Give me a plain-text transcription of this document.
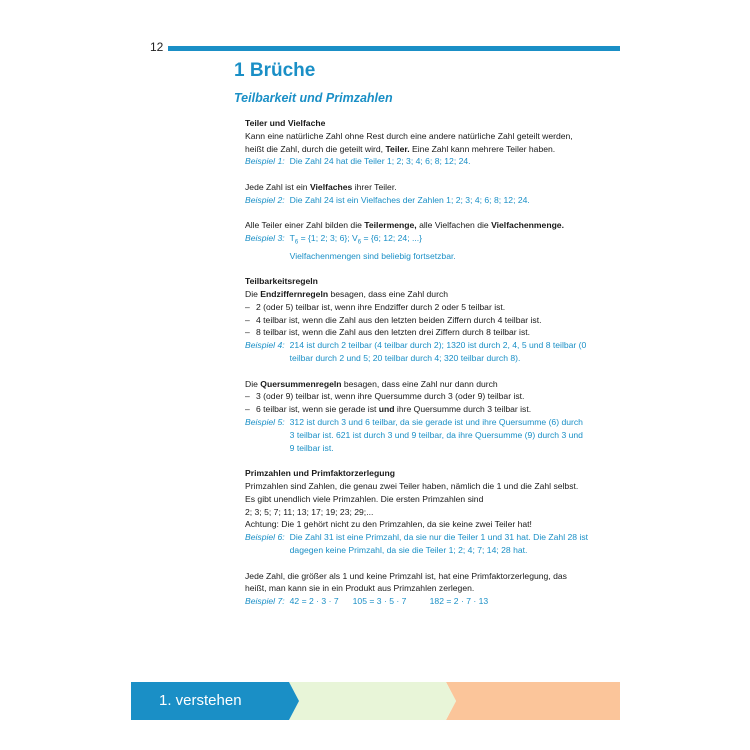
12
1 Brüche
Teilbarkeit und Primzahlen
Teiler und Vielfache
Kann eine natürliche Zahl ohne Rest durch eine andere natürliche Zahl geteilt werden, heißt die Zahl, durch die geteilt wird, Teiler. Eine Zahl kann mehrere Teiler haben.
Beispiel 1: Die Zahl 24 hat die Teiler 1; 2; 3; 4; 6; 8; 12; 24.
Jede Zahl ist ein Vielfaches ihrer Teiler.
Beispiel 2: Die Zahl 24 ist ein Vielfaches der Zahlen 1; 2; 3; 4; 6; 8; 12; 24.
Alle Teiler einer Zahl bilden die Teilermenge, alle Vielfachen die Vielfachenmenge.
Beispiel 3: $T_6 = \{1$; 2; 3; 6}; $V_6 = \{6$; 12; 24; ...}
Vielfachenmengen sind beliebig fortsetzbar.
Teilbarkeitsregeln
Die Endziffernregeln besagen, dass eine Zahl durch
– 2 (oder 5) teilbar ist, wenn ihre Endziffer durch 2 oder 5 teilbar ist.
– 4 teilbar ist, wenn die Zahl aus den letzten beiden Ziffern durch 4 teilbar ist.
– 8 teilbar ist, wenn die Zahl aus den letzten drei Ziffern durch 8 teilbar ist.
Beispiel 4: 214 ist durch 2 teilbar (4 teilbar durch 2); 1320 ist durch 2, 4, 5 und 8 teilbar (0 teilbar durch 2 und 5; 20 teilbar durch 4; 320 teilbar durch 8).
Die Quersummenregeln besagen, dass eine Zahl nur dann durch
– 3 (oder 9) teilbar ist, wenn ihre Quersumme durch 3 (oder 9) teilbar ist.
– 6 teilbar ist, wenn sie gerade ist und ihre Quersumme durch 3 teilbar ist.
Beispiel 5: 312 ist durch 3 und 6 teilbar, da sie gerade ist und ihre Quersumme (6) durch 3 teilbar ist. 621 ist durch 3 und 9 teilbar, da ihre Quersumme (9) durch 3 und 9 teilbar ist.
Primzahlen und Primfaktorzerlegung
Primzahlen sind Zahlen, die genau zwei Teiler haben, nämlich die 1 und die Zahl selbst. Es gibt unendlich viele Primzahlen. Die ersten Primzahlen sind
2; 3; 5; 7; 11; 13; 17; 19; 23; 29;...
Achtung: Die 1 gehört nicht zu den Primzahlen, da sie keine zwei Teiler hat!
Beispiel 6: Die Zahl 31 ist eine Primzahl, da sie nur die Teiler 1 und 31 hat. Die Zahl 28 ist dagegen keine Primzahl, da sie die Teiler 1; 2; 4; 7; 14; 28 hat.
Jede Zahl, die größer als 1 und keine Primzahl ist, hat eine Primfaktorzerlegung, das heißt, man kann sie in ein Produkt aus Primzahlen zerlegen.
Beispiel 7: 42 = 2 · 3 · 7 105 = 3 · 5 · 7	182 = 2 · 7 · 13
1. verstehen
